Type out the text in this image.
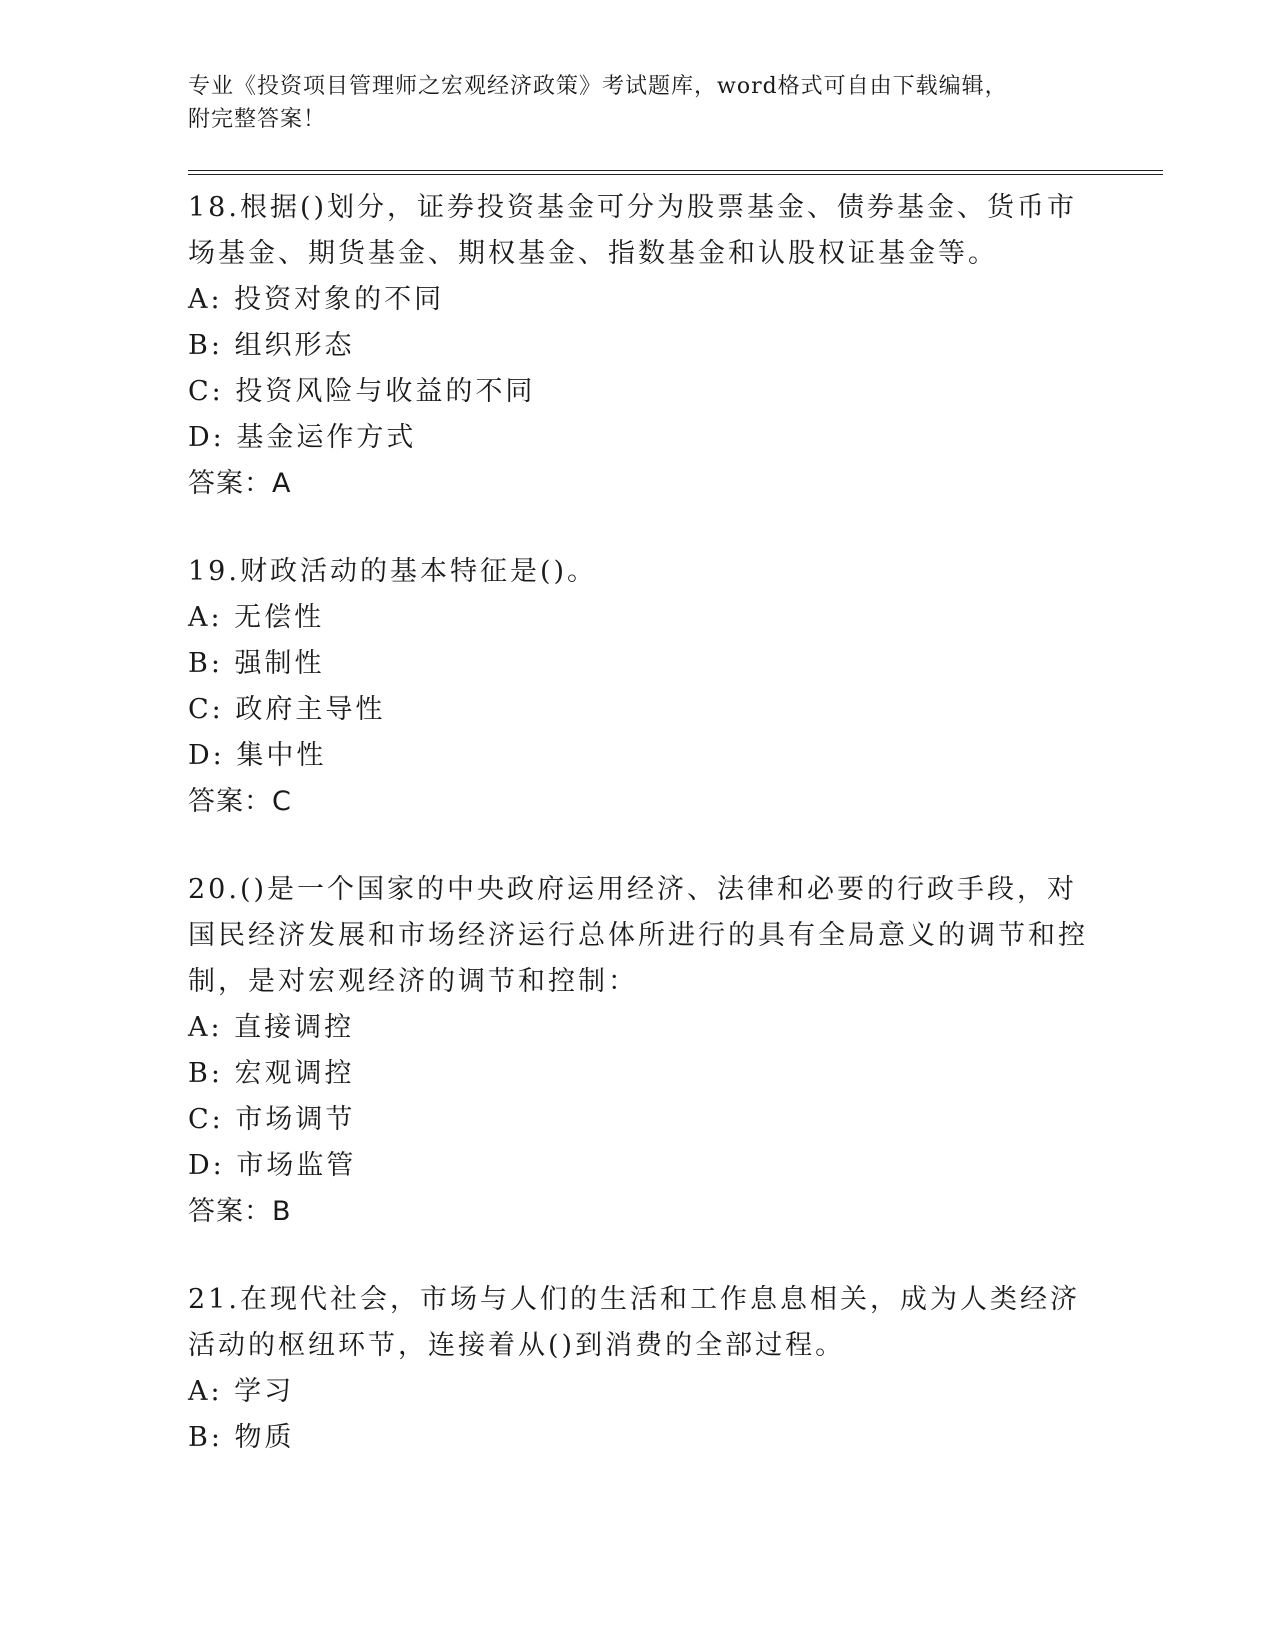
专业《投资项目管理师之宏观经济政策》考试题库，word格式可自由下载编辑，

附完整答案！

18.根据()划分，证券投资基金可分为股票基金、债券基金、货币市场基金、期货基金、期权基金、指数基金和认股权证基金等。

A: 投资对象的不同

B: 组织形态

C: 投资风险与收益的不同

D: 基金运作方式

答案：A

19.财政活动的基本特征是()。

A: 无偿性

B: 强制性

C: 政府主导性

D: 集中性

答案：C

20.()是一个国家的中央政府运用经济、法律和必要的行政手段，对国民经济发展和市场经济运行总体所进行的具有全局意义的调节和控制，是对宏观经济的调节和控制：

A: 直接调控

B: 宏观调控

C: 市场调节

D: 市场监管

答案：B

21.在现代社会，市场与人们的生活和工作息息相关，成为人类经济活动的枢纽环节，连接着从()到消费的全部过程。

A: 学习

B: 物质
